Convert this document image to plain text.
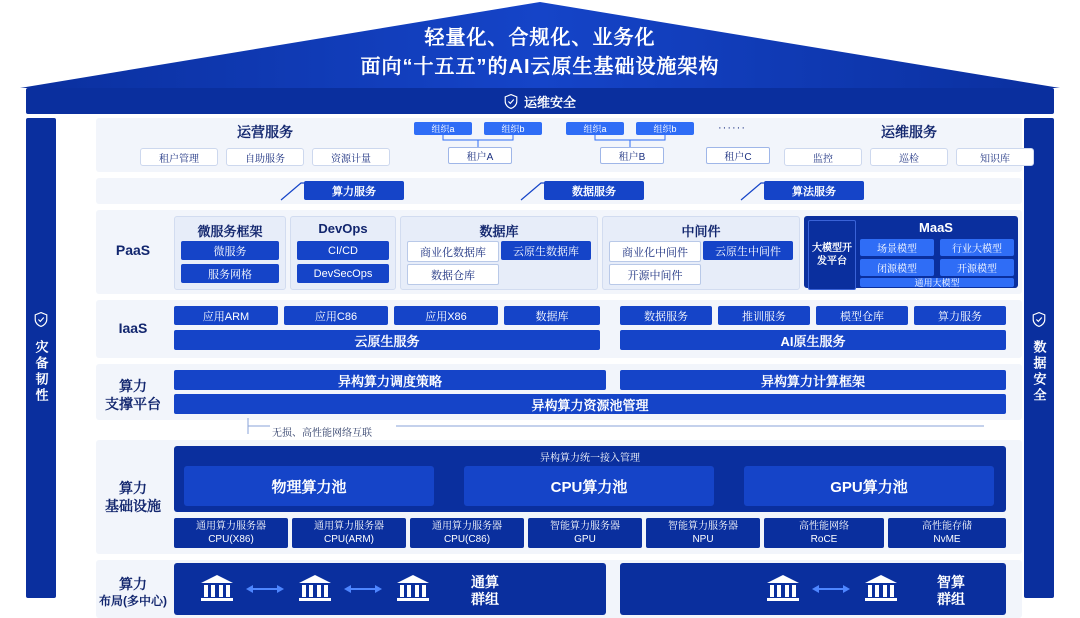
轻量化、合规化、业务化
面向“十五五”的AI云原生基础设施架构
运维安全
灾备韧性	数据安全
运营服务
租户管理	自助服务	资源计量
组织a	组织b	组织a	组织b	······
租户A	租户B	租户C
运维服务
监控	巡检	知识库
算力服务	数据服务	算法服务
PaaS
微服务框架
微服务
服务网格
DevOps
CI/CD
DevSecOps
数据库
商业化数据库	云原生数据库
数据仓库
中间件
商业化中间件	云原生中间件
开源中间件
大模型开发平台
MaaS
场景模型	行业大模型
闭源模型	开源模型
通用大模型
IaaS
应用ARM	应用C86	应用X86	数据库	数据服务	推训服务	模型仓库	算力服务
云原生服务	AI原生服务
算力
支撑平台
异构算力调度策略	异构算力计算框架
异构算力资源池管理
无损、高性能网络互联
算力
基础设施
异构算力统一接入管理
物理算力池	CPU算力池	GPU算力池
通用算力服务器
CPU(X86)
通用算力服务器
CPU(ARM)
通用算力服务器
CPU(C86)
智能算力服务器
GPU
智能算力服务器
NPU
高性能网络
RoCE
高性能存储
NvME
算力
布局(多中心)
通算
群组
智算
群组
